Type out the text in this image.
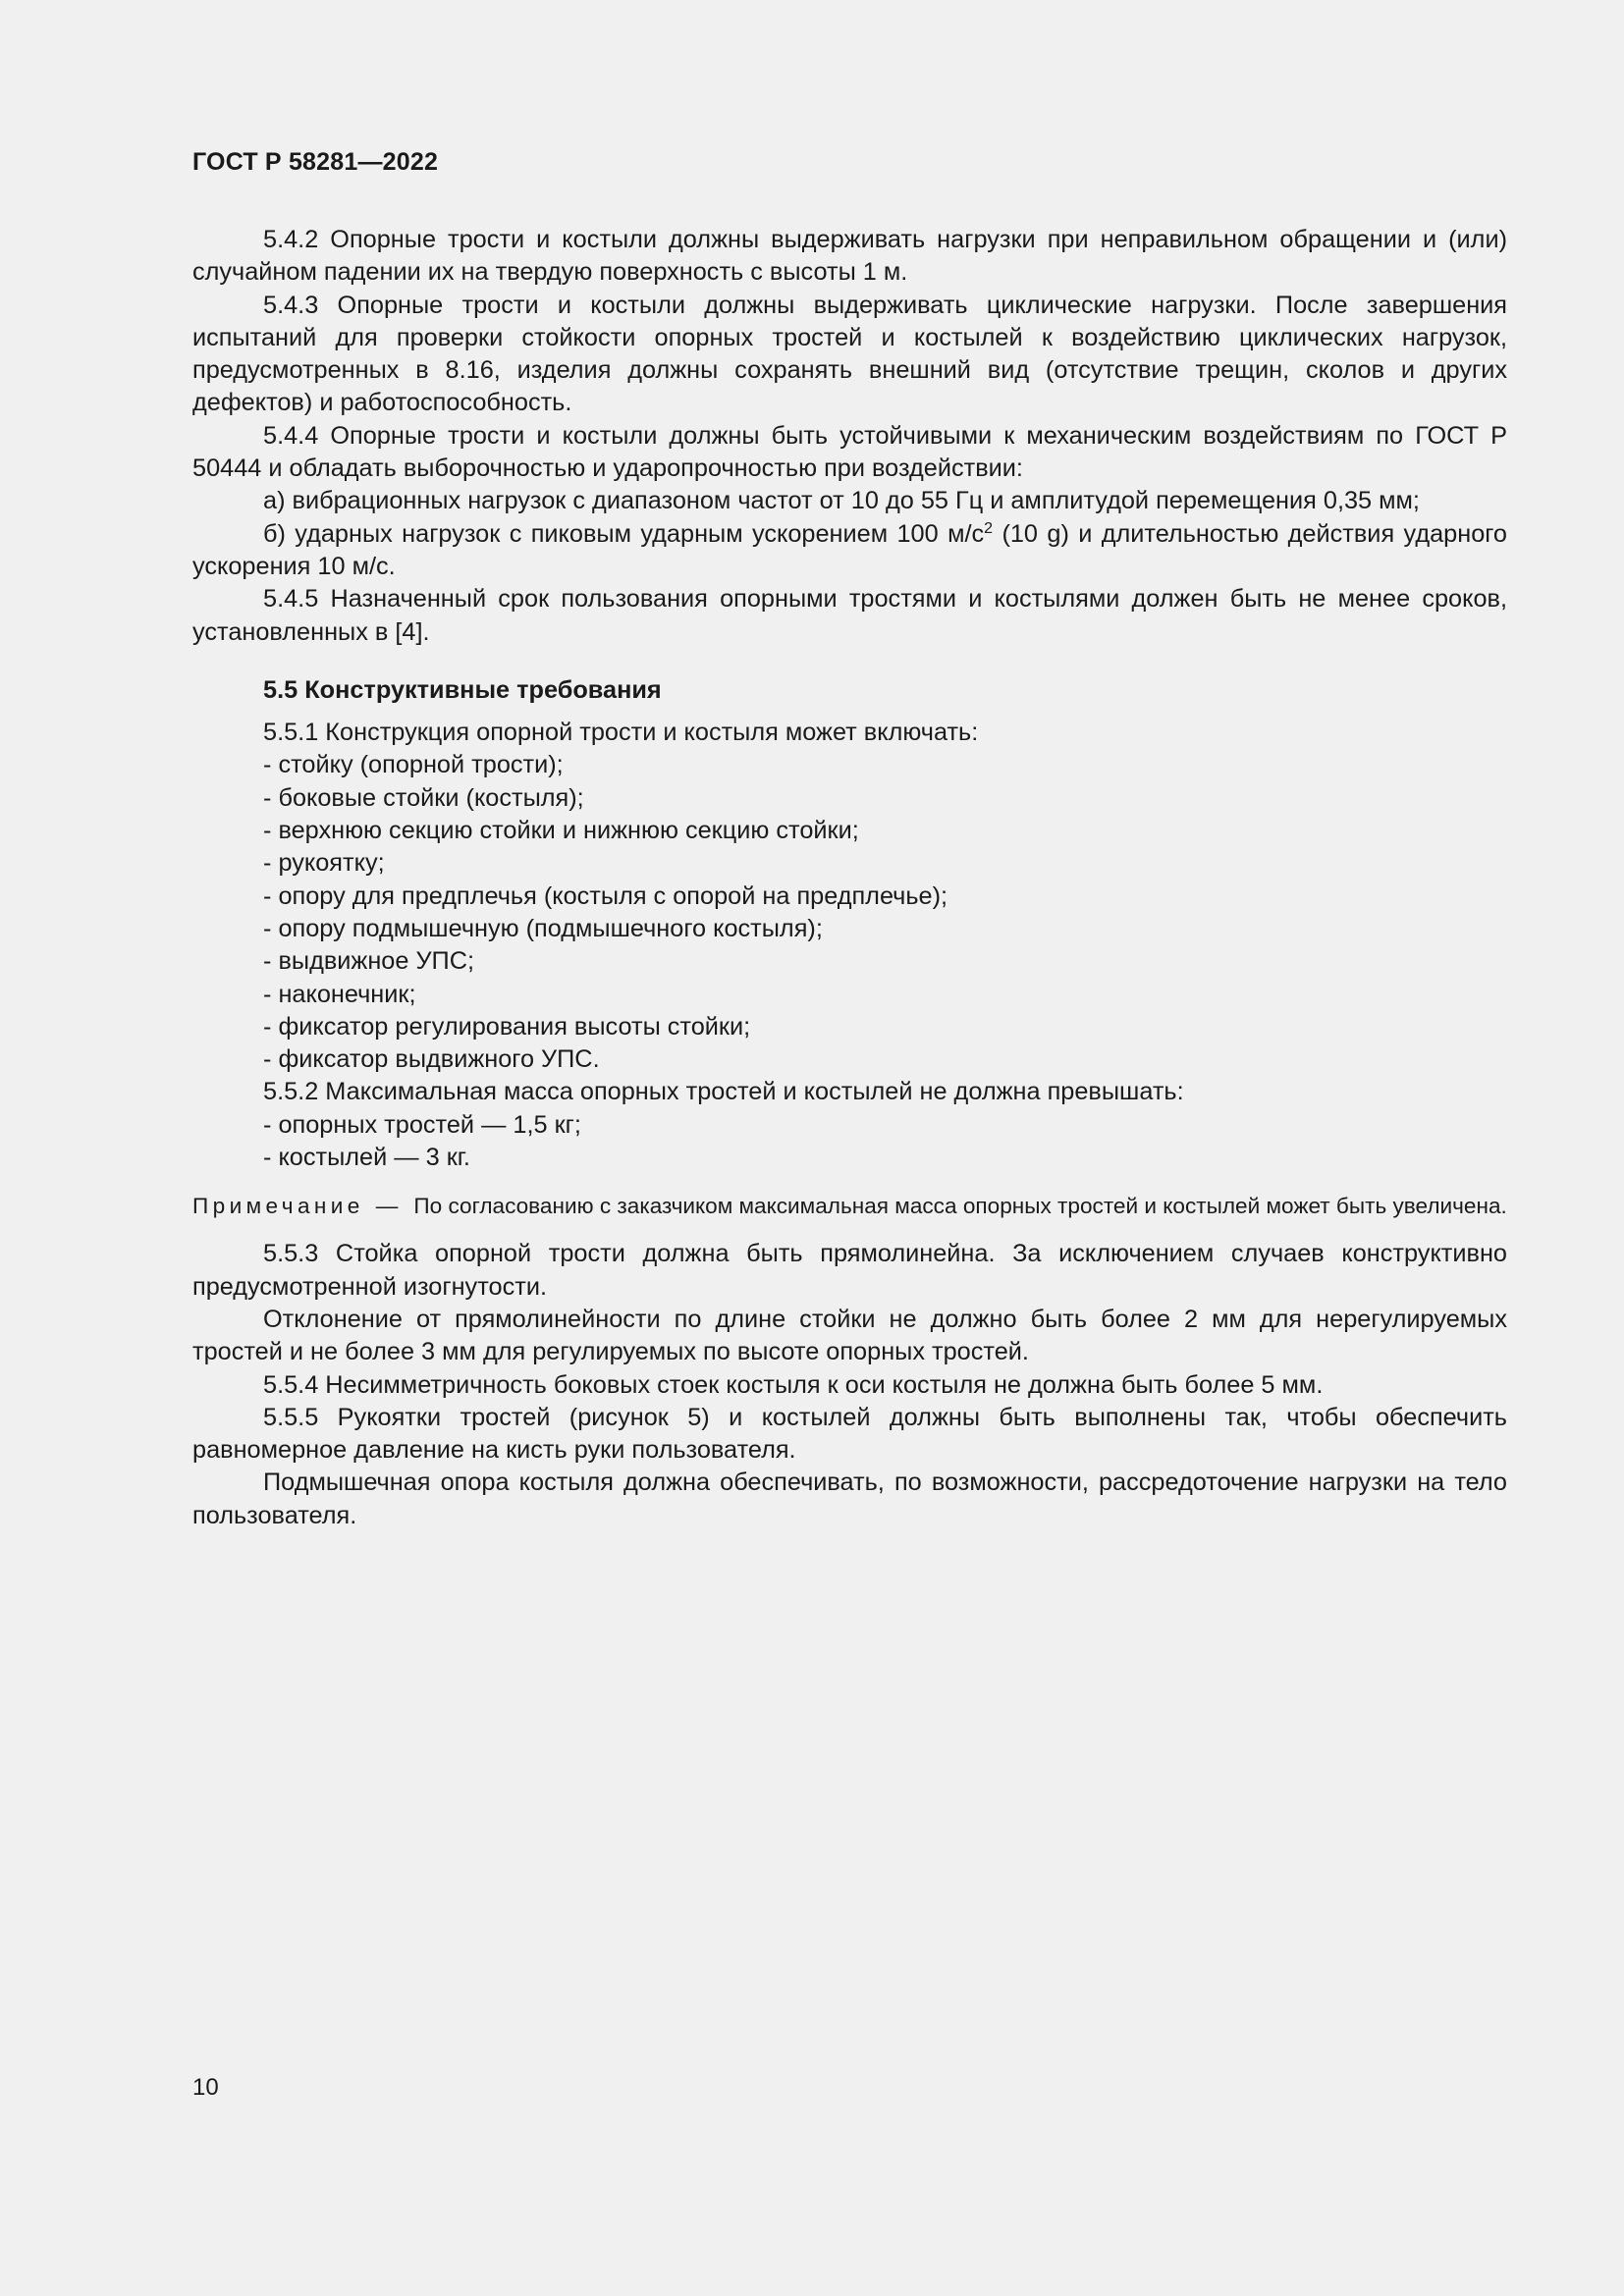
ГОСТ Р 58281—2022

5.4.2 Опорные трости и костыли должны выдерживать нагрузки при неправильном обращении и (или) случайном падении их на твердую поверхность с высоты 1 м.

5.4.3 Опорные трости и костыли должны выдерживать циклические нагрузки. После завершения испытаний для проверки стойкости опорных тростей и костылей к воздействию циклических нагрузок, предусмотренных в 8.16, изделия должны сохранять внешний вид (отсутствие трещин, сколов и других дефектов) и работоспособность.

5.4.4 Опорные трости и костыли должны быть устойчивыми к механическим воздействиям по ГОСТ Р 50444 и обладать выборочностью и ударопрочностью при воздействии:

а) вибрационных нагрузок с диапазоном частот от 10 до 55 Гц и амплитудой перемещения 0,35 мм;

б) ударных нагрузок с пиковым ударным ускорением 100 $м/с^2$ (10 g) и длительностью действия ударного ускорения 10 м/с.

5.4.5 Назначенный срок пользования опорными тростями и костылями должен быть не менее сроков, установленных в [4].

5.5 Конструктивные требования

5.5.1 Конструкция опорной трости и костыля может включать:

- стойку (опорной трости);

- боковые стойки (костыля);

- верхнюю секцию стойки и нижнюю секцию стойки;

- рукоятку;

- опору для предплечья (костыля с опорой на предплечье);

- опору подмышечную (подмышечного костыля);

- выдвижное УПС;

- наконечник;

- фиксатор регулирования высоты стойки;

- фиксатор выдвижного УПС.

5.5.2 Максимальная масса опорных тростей и костылей не должна превышать:

- опорных тростей — 1,5 кг;

- костылей — 3 кг.

Примечание — По согласованию с заказчиком максимальная масса опорных тростей и костылей может быть увеличена.

5.5.3 Стойка опорной трости должна быть прямолинейна. За исключением случаев конструктивно предусмотренной изогнутости.

Отклонение от прямолинейности по длине стойки не должно быть более 2 мм для нерегулируемых тростей и не более 3 мм для регулируемых по высоте опорных тростей.

5.5.4 Несимметричность боковых стоек костыля к оси костыля не должна быть более 5 мм.

5.5.5 Рукоятки тростей (рисунок 5) и костылей должны быть выполнены так, чтобы обеспечить равномерное давление на кисть руки пользователя.

Подмышечная опора костыля должна обеспечивать, по возможности, рассредоточение нагрузки на тело пользователя.

10
